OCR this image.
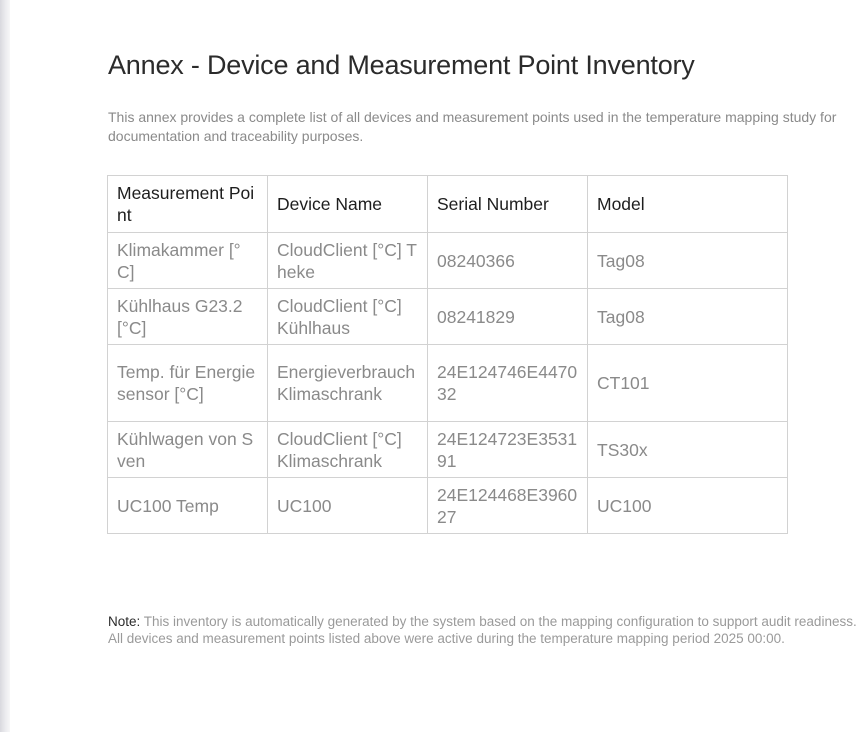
Annex - Device and Measurement Point Inventory

This annex provides a complete list of all devices and measurement points used in the temperature mapping study for documentation and traceability purposes.

Measurement Point	Device Name	Serial Number	Model
Klimakammer [°C]	CloudClient [°C] Theke	08240366	Tag08
Kühlhaus G23.2 [°C]	CloudClient [°C] Kühlhaus	08241829	Tag08
Temp. für Energiesensor [°C]	Energieverbrauch Klimaschrank	24E124746E447032	CT101
Kühlwagen von Sven	CloudClient [°C] Klimaschrank	24E124723E353191	TS30x
UC100 Temp	UC100	24E124468E396027	UC100

Note: This inventory is automatically generated by the system based on the mapping configuration to support audit readiness. All devices and measurement points listed above were active during the temperature mapping period 2025 00:00.
